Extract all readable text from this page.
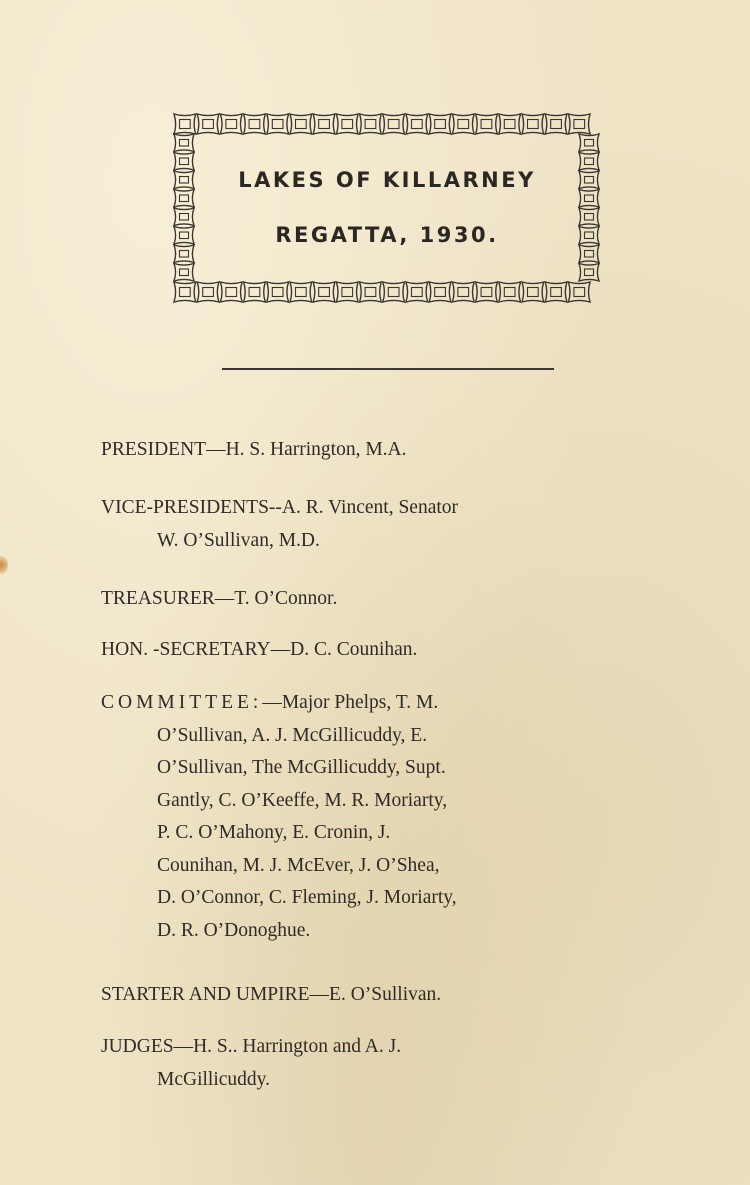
LAKES OF KILLARNEY
REGATTA, 1930.
PRESIDENT—H. S. Harrington, M.A.
VICE-PRESIDENTS--A. R. Vincent, Senator
W. O’Sullivan, M.D.
TREASURER—T. O’Connor.
HON. -SECRETARY—D. C. Counihan.
COMMITTEE:—Major Phelps, T. M.
O’Sullivan, A. J. McGillicuddy, E.
O’Sullivan, The McGillicuddy, Supt.
Gantly, C. O’Keeffe, M. R. Moriarty,
P. C. O’Mahony, E. Cronin, J.
Counihan, M. J. McEver, J. O’Shea,
D. O’Connor, C. Fleming, J. Moriarty,
D. R. O’Donoghue.
STARTER AND UMPIRE—E. O’Sullivan.
JUDGES—H. S.. Harrington and A. J.
McGillicuddy.
